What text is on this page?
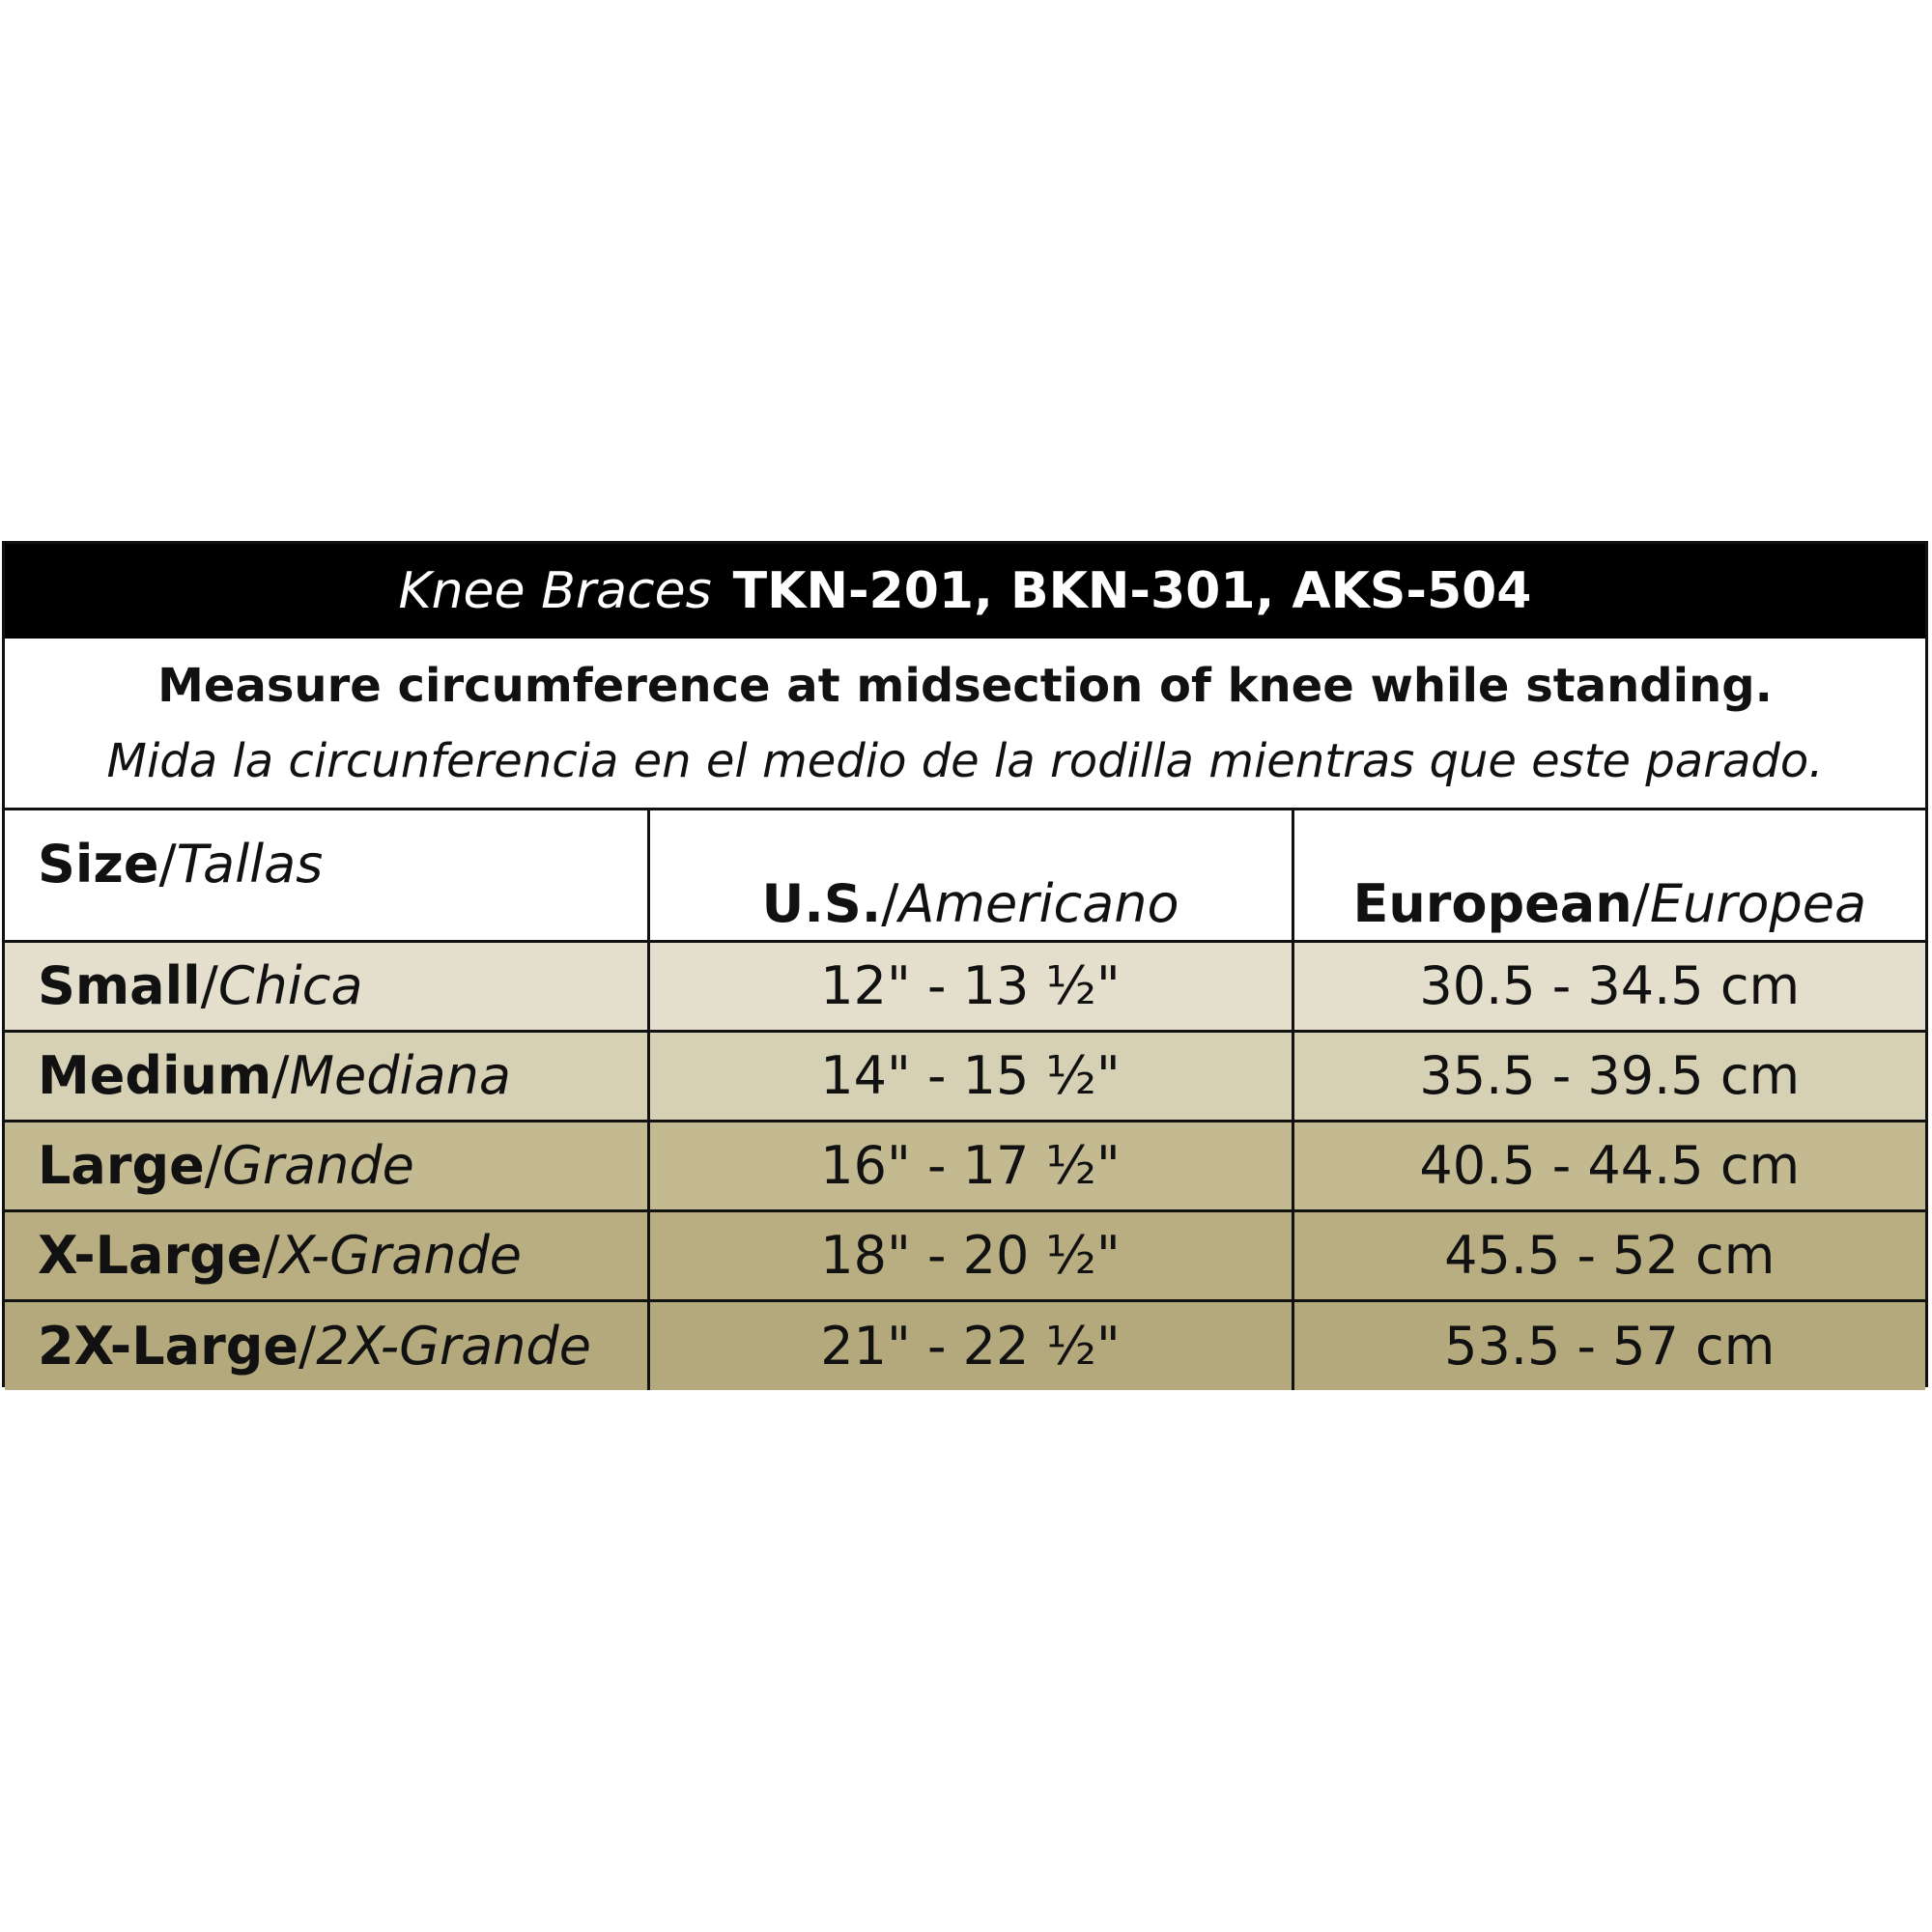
Knee Braces TKN-201, BKN-301, AKS-504
Measure circumference at midsection of knee while standing.
Mida la circunferencia en el medio de la rodilla mientras que este parado.
Size/Tallas	U.S./Americano	European/Europea
Small/Chica	12" - 13 ½"	30.5 - 34.5 cm
Medium/Mediana	14" - 15 ½"	35.5 - 39.5 cm
Large/Grande	16" - 17 ½"	40.5 - 44.5 cm
X-Large/X-Grande	18" - 20 ½"	45.5 - 52 cm
2X-Large/2X-Grande	21" - 22 ½"	53.5 - 57 cm
